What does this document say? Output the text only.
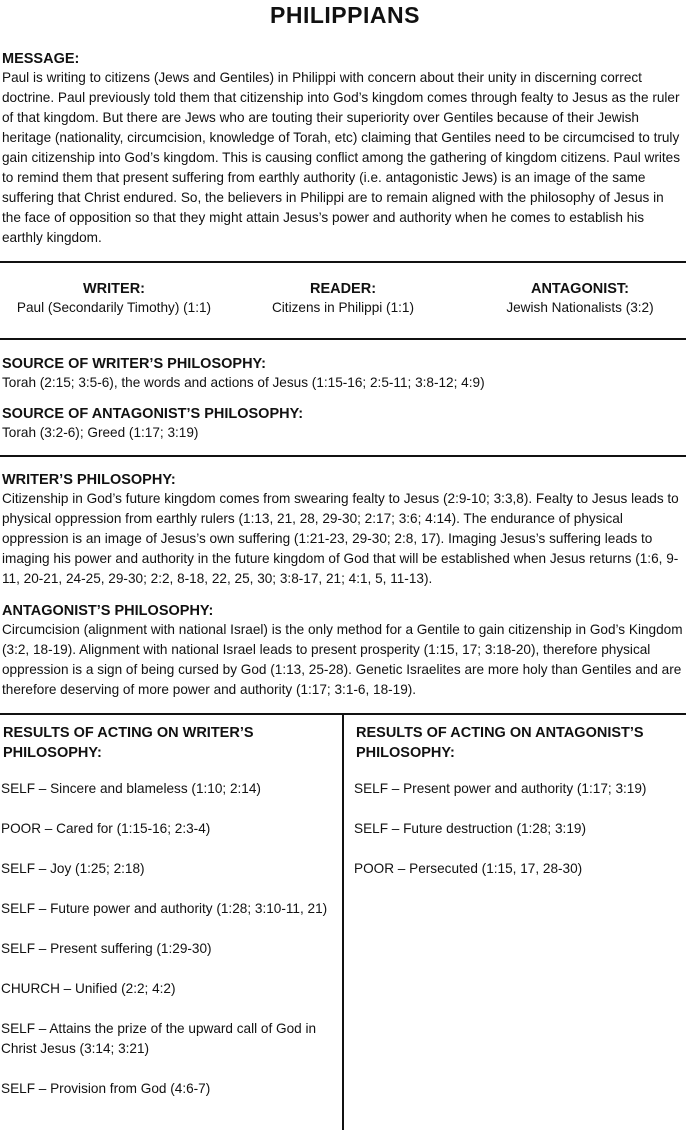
PHILIPPIANS
MESSAGE:
Paul is writing to citizens (Jews and Gentiles) in Philippi with concern about their unity in discerning correct doctrine. Paul previously told them that citizenship into God’s kingdom comes through fealty to Jesus as the ruler of that kingdom. But there are Jews who are touting their superiority over Gentiles because of their Jewish heritage (nationality, circumcision, knowledge of Torah, etc) claiming that Gentiles need to be circumcised to truly gain citizenship into God’s kingdom. This is causing conflict among the gathering of kingdom citizens. Paul writes to remind them that present suffering from earthly authority (i.e. antagonistic Jews) is an image of the same suffering that Christ endured. So, the believers in Philippi are to remain aligned with the philosophy of Jesus in the face of opposition so that they might attain Jesus’s power and authority when he comes to establish his earthly kingdom.
WRITER:
Paul (Secondarily Timothy) (1:1)
READER:
Citizens in Philippi (1:1)
ANTAGONIST:
Jewish Nationalists (3:2)
SOURCE OF WRITER’S PHILOSOPHY:
Torah (2:15; 3:5-6), the words and actions of Jesus (1:15-16; 2:5-11; 3:8-12; 4:9)
SOURCE OF ANTAGONIST’S PHILOSOPHY:
Torah (3:2-6); Greed (1:17; 3:19)
WRITER’S PHILOSOPHY:
Citizenship in God’s future kingdom comes from swearing fealty to Jesus (2:9-10; 3:3,8). Fealty to Jesus leads to physical oppression from earthly rulers (1:13, 21, 28, 29-30; 2:17; 3:6; 4:14). The endurance of physical oppression is an image of Jesus’s own suffering (1:21-23, 29-30; 2:8, 17). Imaging Jesus’s suffering leads to imaging his power and authority in the future kingdom of God that will be established when Jesus returns (1:6, 9-11, 20-21, 24-25, 29-30; 2:2, 8-18, 22, 25, 30; 3:8-17, 21; 4:1, 5, 11-13).
ANTAGONIST’S PHILOSOPHY:
Circumcision (alignment with national Israel) is the only method for a Gentile to gain citizenship in God’s Kingdom (3:2, 18-19). Alignment with national Israel leads to present prosperity (1:15, 17; 3:18-20), therefore physical oppression is a sign of being cursed by God (1:13, 25-28). Genetic Israelites are more holy than Gentiles and are therefore deserving of more power and authority (1:17; 3:1-6, 18-19).
RESULTS OF ACTING ON WRITER’S PHILOSOPHY:
SELF – Sincere and blameless (1:10; 2:14)
POOR – Cared for (1:15-16; 2:3-4)
SELF – Joy (1:25; 2:18)
SELF – Future power and authority (1:28; 3:10-11, 21)
SELF – Present suffering (1:29-30)
CHURCH – Unified (2:2; 4:2)
SELF – Attains the prize of the upward call of God in Christ Jesus (3:14; 3:21)
SELF – Provision from God (4:6-7)
RESULTS OF ACTING ON ANTAGONIST’S PHILOSOPHY:
SELF – Present power and authority (1:17; 3:19)
SELF – Future destruction (1:28; 3:19)
POOR – Persecuted (1:15, 17, 28-30)
